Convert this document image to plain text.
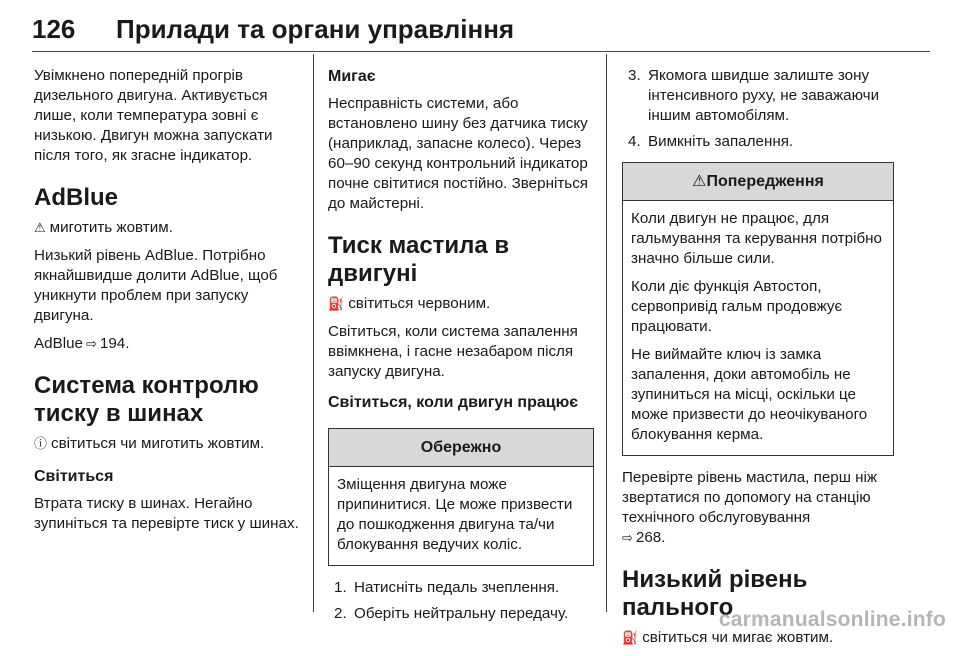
126 Прилади та органи управління

Увімкнено попередній прогрів дизельного двигуна. Активується лише, коли температура зовні є низькою. Двигун можна запускати після того, як згасне індикатор.

AdBlue

⚠ миготить жовтим.

Низький рівень AdBlue. Потрібно якнайшвидше долити AdBlue, щоб уникнути проблем при запуску двигуна.

AdBlue ⇨ 194.

Система контролю тиску в шинах

ⓘ світиться чи миготить жовтим.

Світиться

Втрата тиску в шинах. Негайно зупиніться та перевірте тиск у шинах.

Мигає

Несправність системи, або встановлено шину без датчика тиску (наприклад, запасне колесо). Через 60–90 секунд контрольний індикатор почне світитися постійно. Зверніться до майстерні.

Тиск мастила в двигуні

⛽ світиться червоним.

Світиться, коли система запалення ввімкнена, і гасне незабаром після запуску двигуна.

Світиться, коли двигун працює
Обережно

Зміщення двигуна може припинитися. Це може призвести до пошкодження двигуна та/чи блокування ведучих коліс.

1. Натисніть педаль зчеплення.
2. Оберіть нейтральну передачу.
3. Якомога швидше залиште зону інтенсивного руху, не заважаючи іншим автомобілям.
4. Вимкніть запалення.
⚠Попередження

Коли двигун не працює, для гальмування та керування потрібно значно більше сили.

Коли діє функція Автостоп, сервопривід гальм продовжує працювати.

Не виймайте ключ із замка запалення, доки автомобіль не зупиниться на місці, оскільки це може призвести до неочікуваного блокування керма.

Перевірте рівень мастила, перш ніж звертатися по допомогу на станцію технічного обслуговування
⇨ 268.

Низький рівень пального

⛽ світиться чи мигає жовтим.

carmanualsonline.info
